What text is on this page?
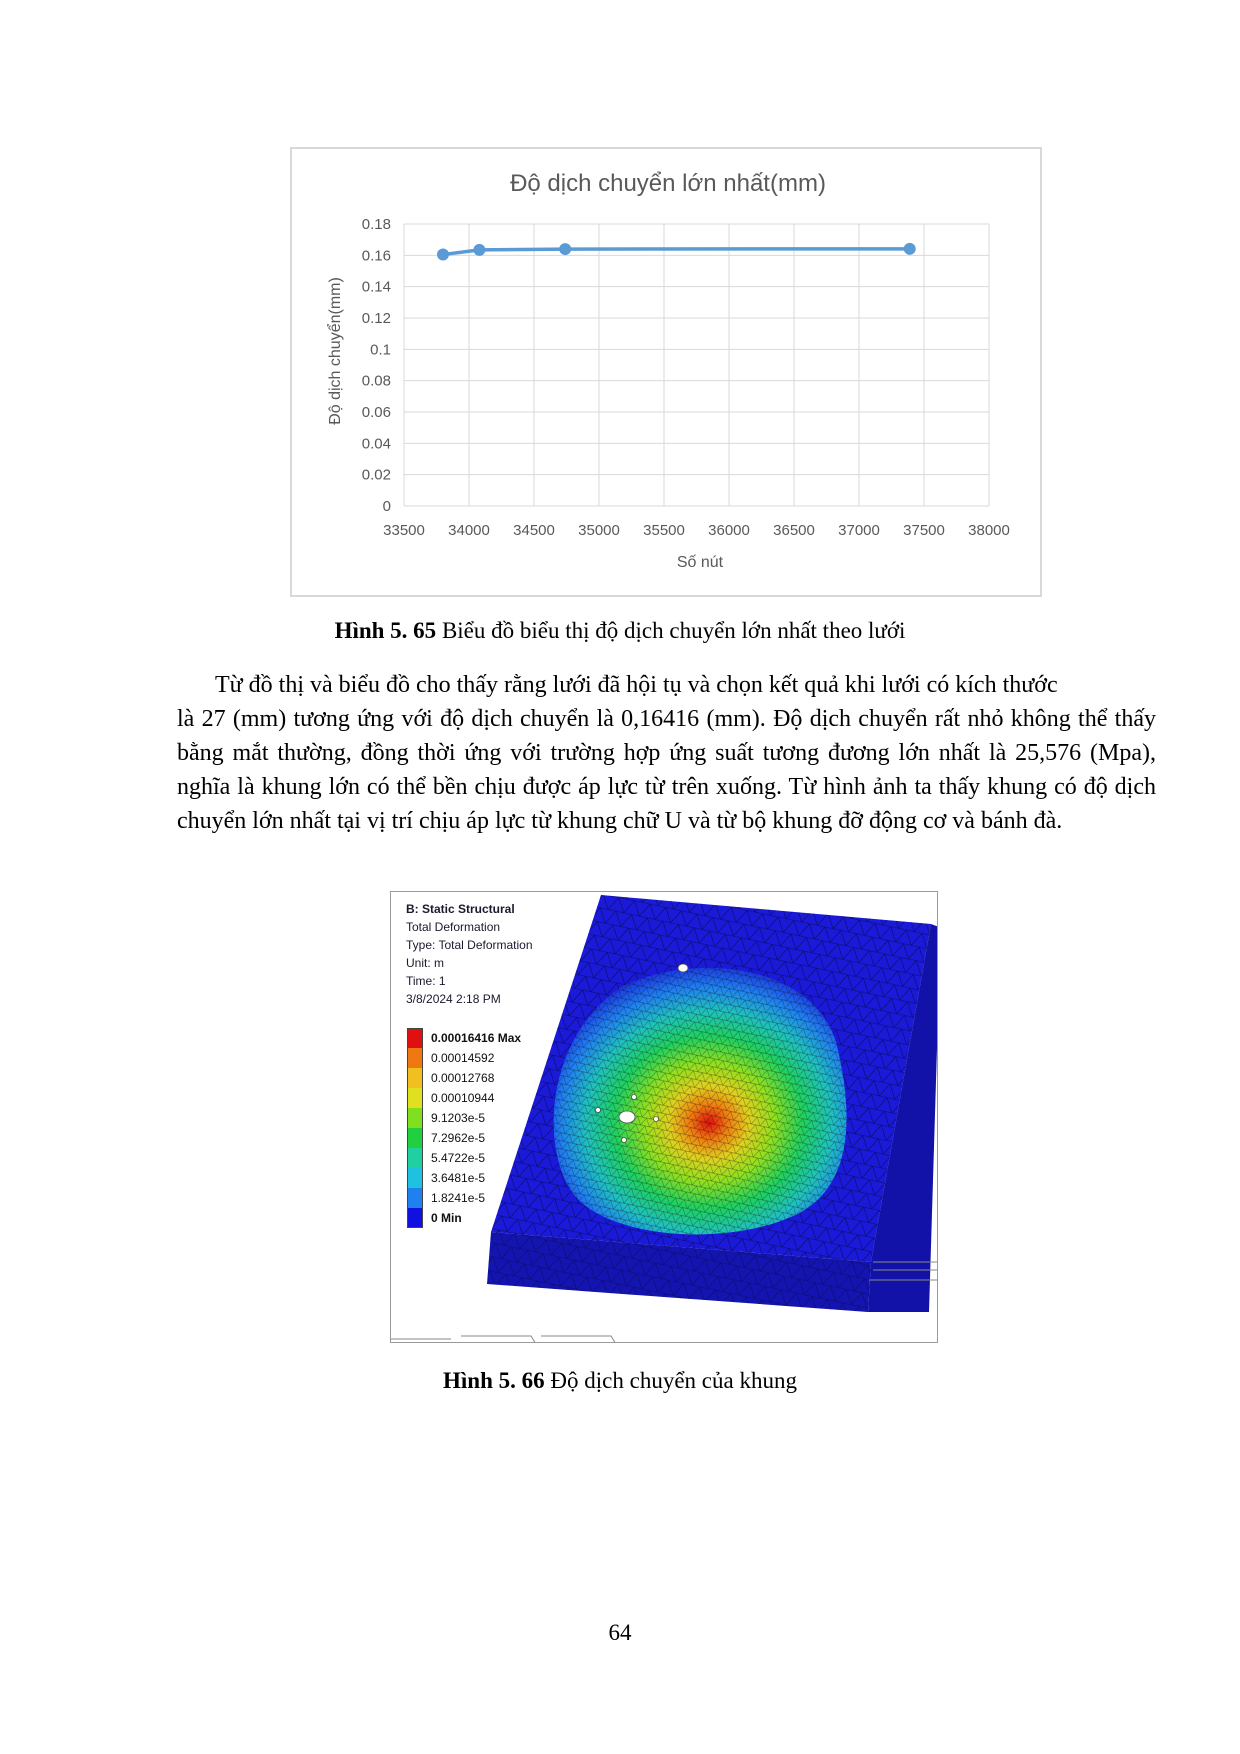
Độ dịch chuyển lớn nhất(mm)
0
0.02
0.04
0.06
0.08
0.1
0.12
0.14
0.16
0.18
33500 34000 34500 35000 35500 36000 36500 37000 37500 38000
Số nút
Độ dịch chuyển(mm)
Hình 5. 65 Biểu đồ biểu thị độ dịch chuyển lớn nhất theo lưới
Từ đồ thị và biểu đồ cho thấy rằng lưới đã hội tụ và chọn kết quả khi lưới có kích thước
là 27 (mm) tương ứng với độ dịch chuyển là 0,16416 (mm). Độ dịch chuyển rất nhỏ không thể thấy bằng mắt thường, đồng thời ứng với trường hợp ứng suất tương đương lớn nhất là 25,576 (Mpa), nghĩa là khung lớn có thể bền chịu được áp lực từ trên xuống. Từ hình ảnh ta thấy khung có độ dịch chuyển lớn nhất tại vị trí chịu áp lực từ khung chữ U và từ bộ khung đỡ động cơ và bánh đà.
B: Static Structural
Total Deformation
Type: Total Deformation
Unit: m
Time: 1
3/8/2024 2:18 PM
0.00016416 Max
0.00014592
0.00012768
0.00010944
9.1203e-5
7.2962e-5
5.4722e-5
3.6481e-5
1.8241e-5
0 Min
Hình 5. 66 Độ dịch chuyển của khung
64
